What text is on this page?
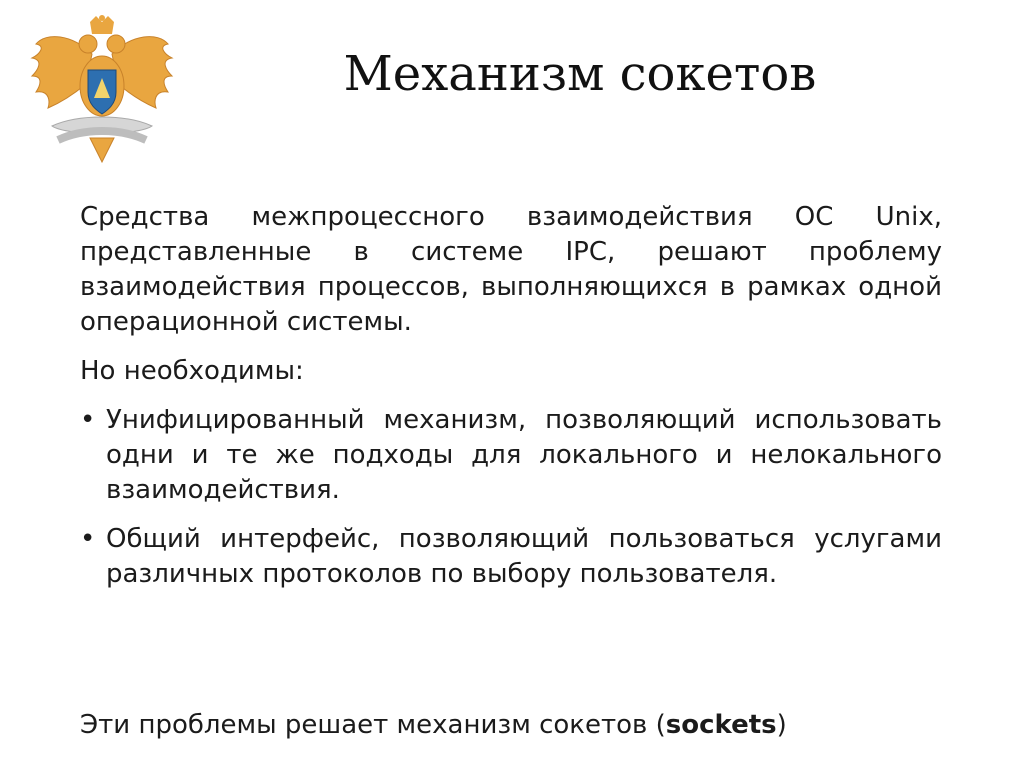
Механизм сокетов

Средства межпроцессного взаимодействия ОС Unix, представленные в системе IPC, решают проблему взаимодействия процессов, выполняющихся в рамках одной операционной системы.

Но необходимы:

• Унифицированный механизм, позволяющий использовать одни и те же подходы для локального и нелокального взаимодействия.
• Общий интерфейс, позволяющий пользоваться услугами различных протоколов по выбору пользователя.
Эти проблемы решает механизм сокетов (sockets)
